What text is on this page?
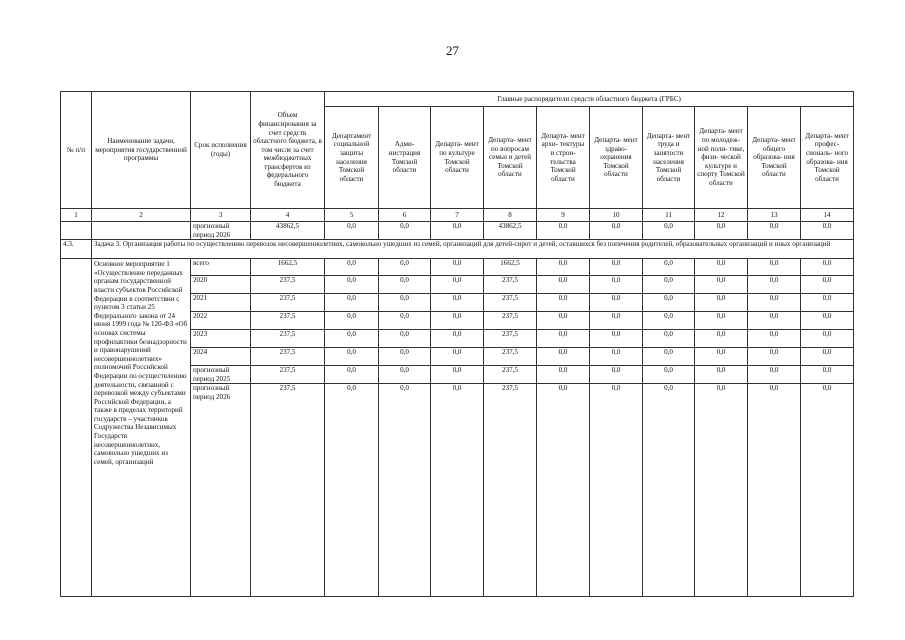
27
№ п/п	Наименование задачи, мероприятия государственной программы	Срок исполнения (годы)	Объем финансирования за счет средств областного бюджета, в том числе за счет межбюджетных трансфертов из федерального бюджета	Главные распорядители средств областного бюджета (ГРБС)									
				Департамент социальной защиты населения Томской области	Адми- нистрация Томской области	Департа- мент по культуре Томской области	Департа- мент по вопросам семьи и детей Томской области	Департа- мент архи- тектуры и строи- тельства Томской области	Департа- мент здраво- охранения Томской области	Департа- мент труда и занятости населения Томской области	Департа- мент по молодеж- ной поли- тике, физи- ческой культуре и спорту Томской области	Департа- мент общего образова- ния Томской области	Департа- мент профес- сиональ- ного образова- ния Томской области
1	2	3	4	5	6	7	8	9	10	11	12	13	14
		прогнозный период 2026	43862,5	0,0	0,0	0,0	43862,5	0,0	0,0	0,0	0,0	0,0	0,0
4.3.	Задача 3. Организация работы по осуществлению перевозок несовершеннолетних, самовольно ушедших из семей, организаций для детей-сирот и детей, оставшихся без попечения родителей, образовательных организаций и иных организаций												
	Основное мероприятие 1 «Осуществление переданных органам государственной власти субъектов Российской Федерации в соответствии с пунктом 3 статьи 25 Федерального закона от 24 июня 1999 года № 120-ФЗ «Об основах системы профилактики безнадзорности и правонарушений несовершеннолетних» полномочий Российской Федерации по осуществлению деятельности, связанной с перевозкой между субъектами Российской Федерации, а также в пределах территорий государств – участников Содружества Независимых Государств несовершеннолетних, самовольно ушедших из семей, организаций	всего	1662,5	0,0	0,0	0,0	1662,5	0,0	0,0	0,0	0,0	0,0	0,0
		2020	237,5	0,0	0,0	0,0	237,5	0,0	0,0	0,0	0,0	0,0	0,0
		2021	237,5	0,0	0,0	0,0	237,5	0,0	0,0	0,0	0,0	0,0	0,0
		2022	237,5	0,0	0,0	0,0	237,5	0,0	0,0	0,0	0,0	0,0	0,0
		2023	237,5	0,0	0,0	0,0	237,5	0,0	0,0	0,0	0,0	0,0	0,0
		2024	237,5	0,0	0,0	0,0	237,5	0,0	0,0	0,0	0,0	0,0	0,0
		прогнозный период 2025	237,5	0,0	0,0	0,0	237,5	0,0	0,0	0,0	0,0	0,0	0,0
		прогнозный период 2026	237,5	0,0	0,0	0,0	237,5	0,0	0,0	0,0	0,0	0,0	0,0
